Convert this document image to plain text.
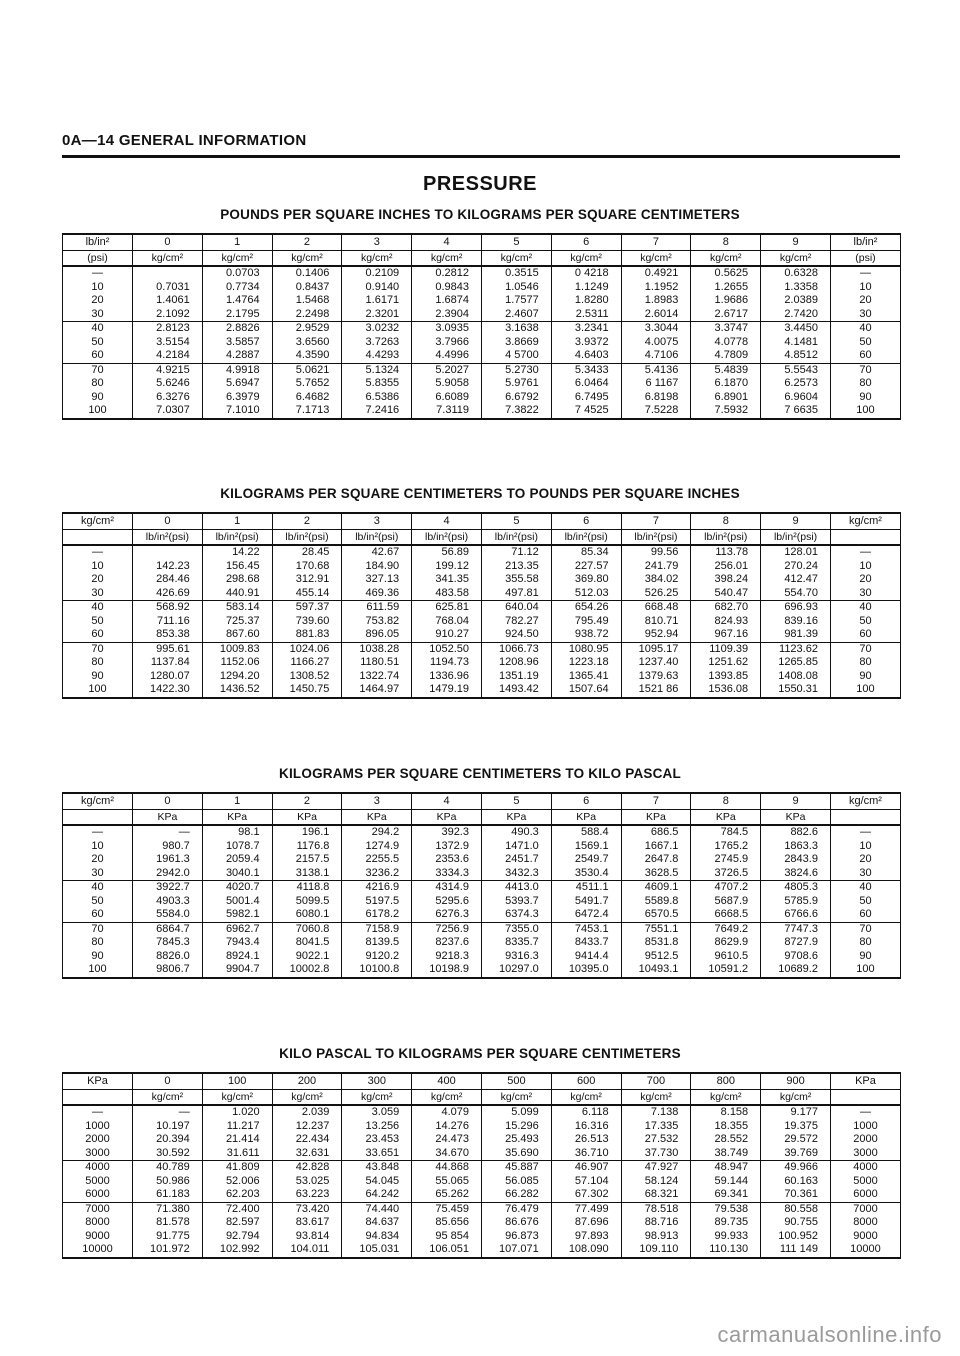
0A—14 GENERAL INFORMATION
PRESSURE
POUNDS PER SQUARE INCHES TO KILOGRAMS PER SQUARE CENTIMETERS
lb/in²	0	1	2	3	4	5	6	7	8	9	lb/in²
(psi)	kg/cm²	kg/cm²	kg/cm²	kg/cm²	kg/cm²	kg/cm²	kg/cm²	kg/cm²	kg/cm²	kg/cm²	(psi)
—		0.0703	0.1406	0.2109	0.2812	0.3515	0 4218	0.4921	0.5625	0.6328	—
10	0.7031	0.7734	0.8437	0.9140	0.9843	1.0546	1.1249	1.1952	1.2655	1.3358	10
20	1.4061	1.4764	1.5468	1.6171	1.6874	1.7577	1.8280	1.8983	1.9686	2.0389	20
30	2.1092	2.1795	2.2498	2.3201	2.3904	2.4607	2.5311	2.6014	2.6717	2.7420	30
40	2.8123	2.8826	2.9529	3.0232	3.0935	3.1638	3.2341	3.3044	3.3747	3.4450	40
50	3.5154	3.5857	3.6560	3.7263	3.7966	3.8669	3.9372	4.0075	4.0778	4.1481	50
60	4.2184	4.2887	4.3590	4.4293	4.4996	4 5700	4.6403	4.7106	4.7809	4.8512	60
70	4.9215	4.9918	5.0621	5.1324	5.2027	5.2730	5.3433	5.4136	5.4839	5.5543	70
80	5.6246	5.6947	5.7652	5.8355	5.9058	5.9761	6.0464	6 1167	6.1870	6.2573	80
90	6.3276	6.3979	6.4682	6.5386	6.6089	6.6792	6.7495	6.8198	6.8901	6.9604	90
100	7.0307	7.1010	7.1713	7.2416	7.3119	7.3822	7 4525	7.5228	7.5932	7 6635	100
KILOGRAMS PER SQUARE CENTIMETERS TO POUNDS PER SQUARE INCHES
kg/cm²	0	1	2	3	4	5	6	7	8	9	kg/cm²
	lb/in²(psi)	lb/in²(psi)	lb/in²(psi)	lb/in²(psi)	lb/in²(psi)	lb/in²(psi)	lb/in²(psi)	lb/in²(psi)	lb/in²(psi)	lb/in²(psi)	
—		14.22	28.45	42.67	56.89	71.12	85.34	99.56	113.78	128.01	—
10	142.23	156.45	170.68	184.90	199.12	213.35	227.57	241.79	256.01	270.24	10
20	284.46	298.68	312.91	327.13	341.35	355.58	369.80	384.02	398.24	412.47	20
30	426.69	440.91	455.14	469.36	483.58	497.81	512.03	526.25	540.47	554.70	30
40	568.92	583.14	597.37	611.59	625.81	640.04	654.26	668.48	682.70	696.93	40
50	711.16	725.37	739.60	753.82	768.04	782.27	795.49	810.71	824.93	839.16	50
60	853.38	867.60	881.83	896.05	910.27	924.50	938.72	952.94	967.16	981.39	60
70	995.61	1009.83	1024.06	1038.28	1052.50	1066.73	1080.95	1095.17	1109.39	1123.62	70
80	1137.84	1152.06	1166.27	1180.51	1194.73	1208.96	1223.18	1237.40	1251.62	1265.85	80
90	1280.07	1294.20	1308.52	1322.74	1336.96	1351.19	1365.41	1379.63	1393.85	1408.08	90
100	1422.30	1436.52	1450.75	1464.97	1479.19	1493.42	1507.64	1521 86	1536.08	1550.31	100
KILOGRAMS PER SQUARE CENTIMETERS TO KILO PASCAL
kg/cm²	0	1	2	3	4	5	6	7	8	9	kg/cm²
	KPa	KPa	KPa	KPa	KPa	KPa	KPa	KPa	KPa	KPa	
—	—	98.1	196.1	294.2	392.3	490.3	588.4	686.5	784.5	882.6	—
10	980.7	1078.7	1176.8	1274.9	1372.9	1471.0	1569.1	1667.1	1765.2	1863.3	10
20	1961.3	2059.4	2157.5	2255.5	2353.6	2451.7	2549.7	2647.8	2745.9	2843.9	20
30	2942.0	3040.1	3138.1	3236.2	3334.3	3432.3	3530.4	3628.5	3726.5	3824.6	30
40	3922.7	4020.7	4118.8	4216.9	4314.9	4413.0	4511.1	4609.1	4707.2	4805.3	40
50	4903.3	5001.4	5099.5	5197.5	5295.6	5393.7	5491.7	5589.8	5687.9	5785.9	50
60	5584.0	5982.1	6080.1	6178.2	6276.3	6374.3	6472.4	6570.5	6668.5	6766.6	60
70	6864.7	6962.7	7060.8	7158.9	7256.9	7355.0	7453.1	7551.1	7649.2	7747.3	70
80	7845.3	7943.4	8041.5	8139.5	8237.6	8335.7	8433.7	8531.8	8629.9	8727.9	80
90	8826.0	8924.1	9022.1	9120.2	9218.3	9316.3	9414.4	9512.5	9610.5	9708.6	90
100	9806.7	9904.7	10002.8	10100.8	10198.9	10297.0	10395.0	10493.1	10591.2	10689.2	100
KILO PASCAL TO KILOGRAMS PER SQUARE CENTIMETERS
KPa	0	100	200	300	400	500	600	700	800	900	KPa
	kg/cm²	kg/cm²	kg/cm²	kg/cm²	kg/cm²	kg/cm²	kg/cm²	kg/cm²	kg/cm²	kg/cm²	
—	—	1.020	2.039	3.059	4.079	5.099	6.118	7.138	8.158	9.177	—
1000	10.197	11.217	12.237	13.256	14.276	15.296	16.316	17.335	18.355	19.375	1000
2000	20.394	21.414	22.434	23.453	24.473	25.493	26.513	27.532	28.552	29.572	2000
3000	30.592	31.611	32.631	33.651	34.670	35.690	36.710	37.730	38.749	39.769	3000
4000	40.789	41.809	42.828	43.848	44.868	45.887	46.907	47.927	48.947	49.966	4000
5000	50.986	52.006	53.025	54.045	55.065	56.085	57.104	58.124	59.144	60.163	5000
6000	61.183	62.203	63.223	64.242	65.262	66.282	67.302	68.321	69.341	70.361	6000
7000	71.380	72.400	73.420	74.440	75.459	76.479	77.499	78.518	79.538	80.558	7000
8000	81.578	82.597	83.617	84.637	85.656	86.676	87.696	88.716	89.735	90.755	8000
9000	91.775	92.794	93.814	94.834	95 854	96.873	97.893	98.913	99.933	100.952	9000
10000	101.972	102.992	104.011	105.031	106.051	107.071	108.090	109.110	110.130	111 149	10000
carmanualsonline.info
